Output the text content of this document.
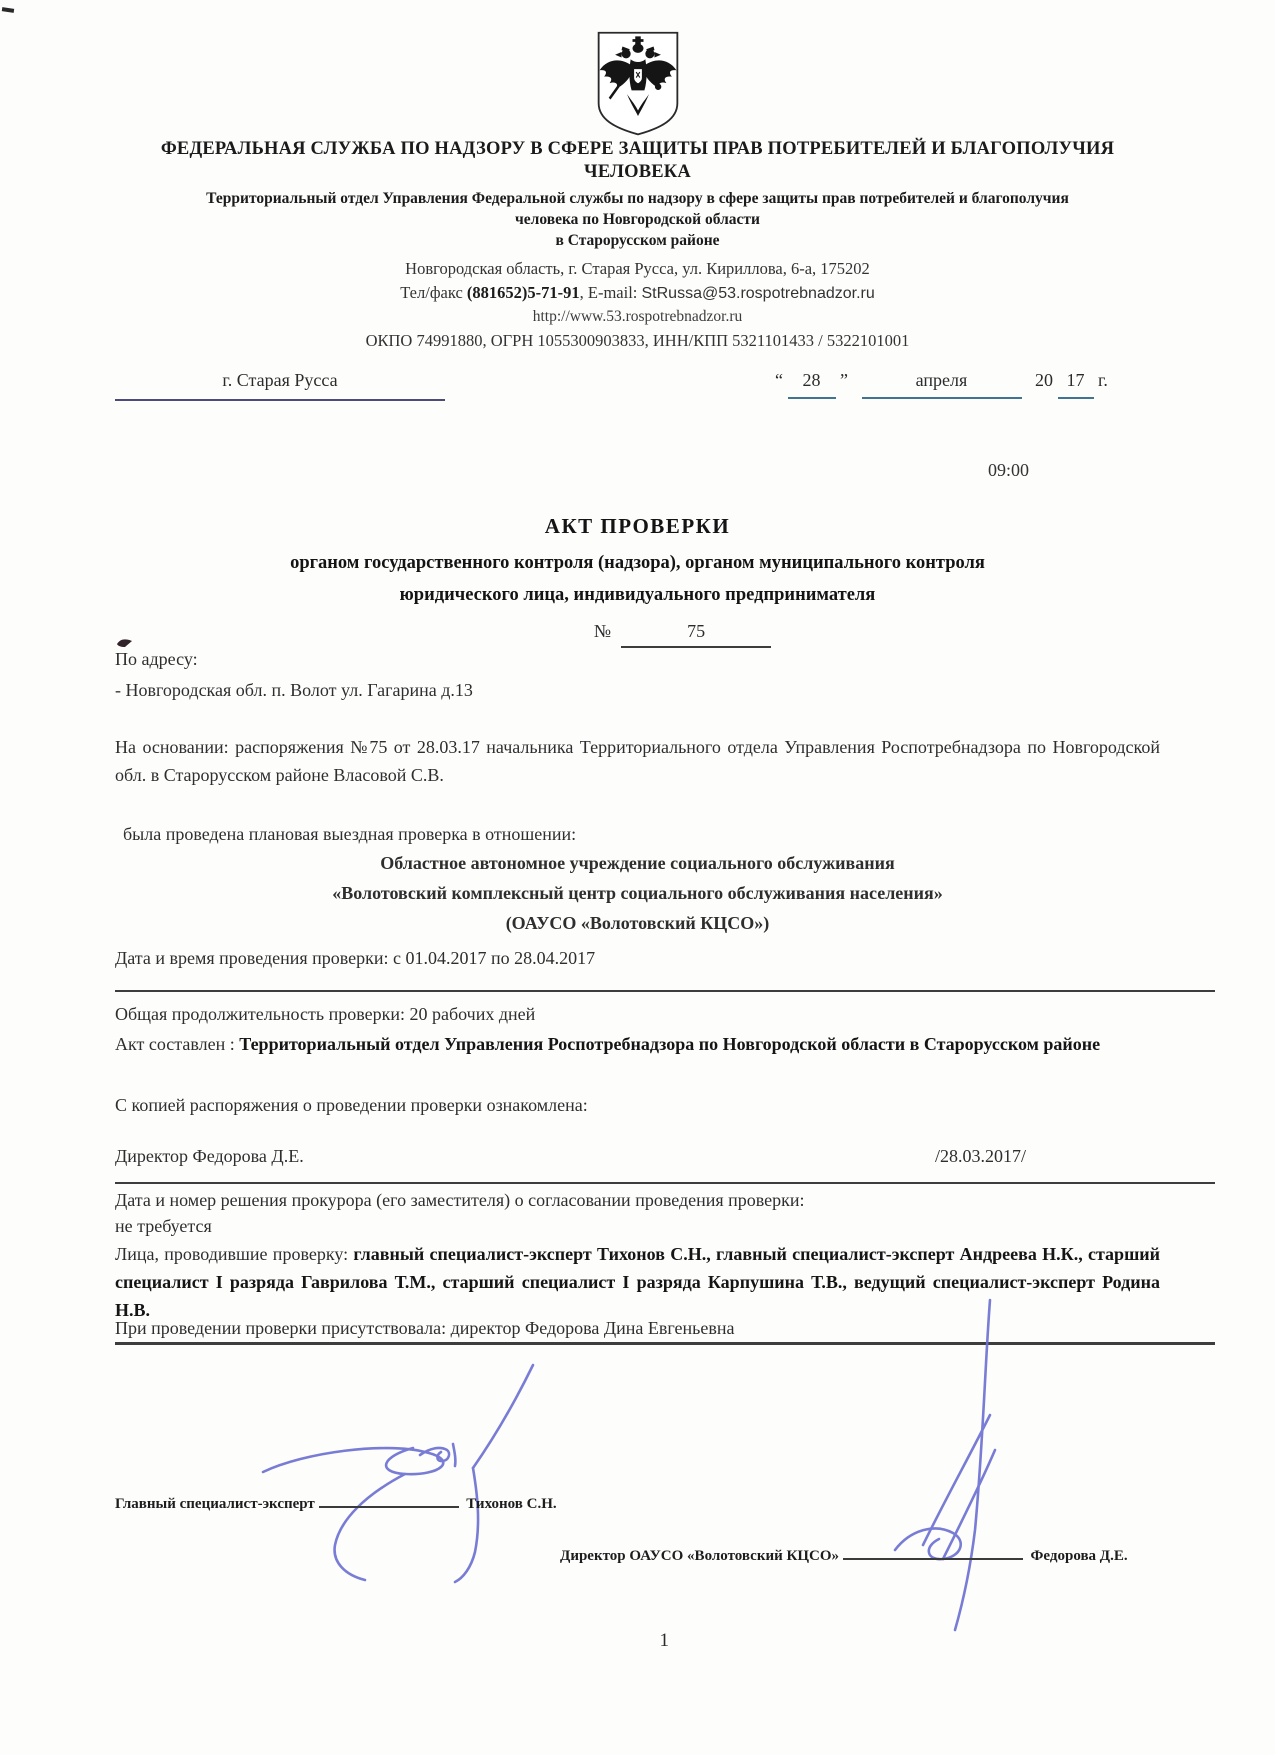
ФЕДЕРАЛЬНАЯ СЛУЖБА ПО НАДЗОРУ В СФЕРЕ ЗАЩИТЫ ПРАВ ПОТРЕБИТЕЛЕЙ И БЛАГОПОЛУЧИЯ
ЧЕЛОВЕКА
Территориальный отдел Управления Федеральной службы по надзору в сфере защиты прав потребителей и благополучия
человека по Новгородской области
в Старорусском районе
Новгородская область, г. Старая Русса, ул. Кириллова, 6-а, 175202
Тел/факс (881652)5-71-91, E-mail: StRussa@53.rospotrebnadzor.ru
http://www.53.rospotrebnadzor.ru
ОКПО 74991880, ОГРН 1055300903833, ИНН/КПП 5321101433 / 5322101001
г. Старая Русса	“ 28 ”	апреля	20 17 г.
09:00
АКТ ПРОВЕРКИ
органом государственного контроля (надзора), органом муниципального контроля
юридического лица, индивидуального предпринимателя
№	75

По адресу:

- Новгородская обл. п. Волот ул. Гагарина д.13

На основании: распоряжения №75 от 28.03.17 начальника Территориального отдела Управления Роспотребнадзора по Новгородской обл. в Старорусском районе Власовой С.В.

была проведена плановая выездная проверка в отношении:

Областное автономное учреждение социального обслуживания

«Волотовский комплексный центр социального обслуживания населения»

(ОАУСО «Волотовский КЦСО»)

Дата и время проведения проверки: с 01.04.2017 по 28.04.2017

Общая продолжительность проверки: 20 рабочих дней

Акт составлен : Территориальный отдел Управления Роспотребнадзора по Новгородской области в Старорусском районе

С копией распоряжения о проведении проверки ознакомлена:

Директор Федорова Д.Е.	/28.03.2017/

Дата и номер решения прокурора (его заместителя) о согласовании проведения проверки:

не требуется

Лица, проводившие проверку: главный специалист-эксперт Тихонов С.Н., главный специалист-эксперт Андреева Н.К., старший специалист I разряда Гаврилова Т.М., старший специалист I разряда Карпушина Т.В., ведущий специалист-эксперт Родина Н.В.

При проведении проверки присутствовала: директор Федорова Дина Евгеньевна

Главный специалист-эксперт	Тихонов С.Н.
Директор ОАУСО «Волотовский КЦСО»	Федорова Д.Е.
1
